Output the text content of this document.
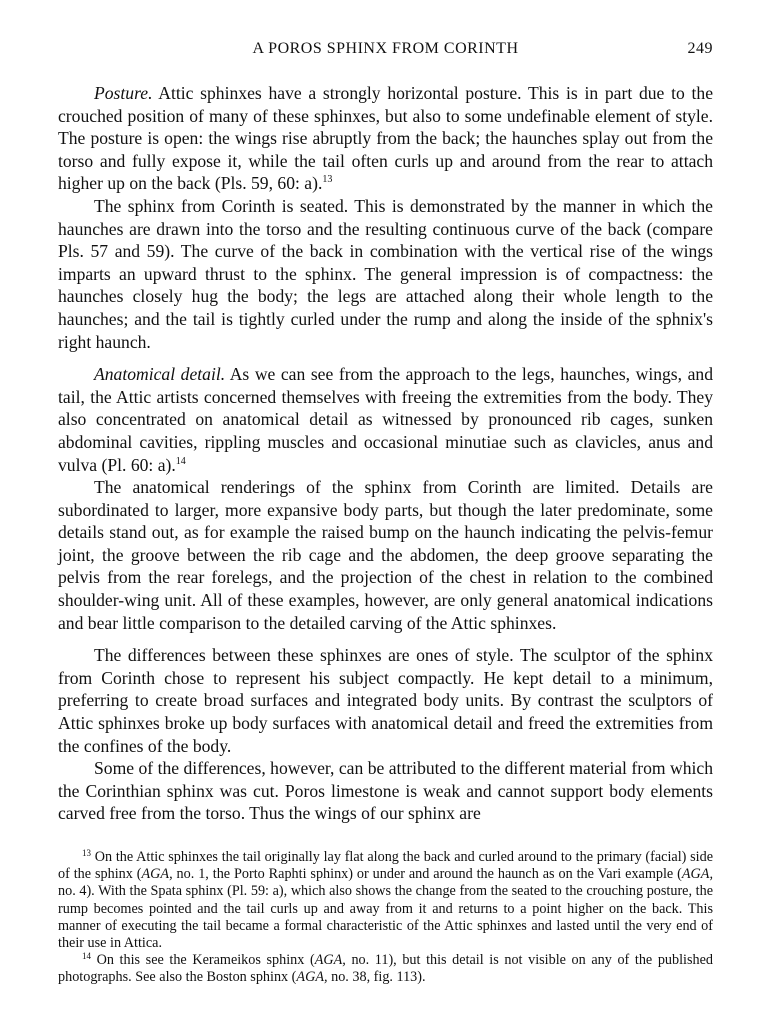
A POROS SPHINX FROM CORINTH	249

Posture. Attic sphinxes have a strongly horizontal posture. This is in part due to the crouched position of many of these sphinxes, but also to some undefinable element of style. The posture is open: the wings rise abruptly from the back; the haunches splay out from the torso and fully expose it, while the tail often curls up and around from the rear to attach higher up on the back (Pls. 59, 60: a).$^{13}$

The sphinx from Corinth is seated. This is demonstrated by the manner in which the haunches are drawn into the torso and the resulting continuous curve of the back (compare Pls. 57 and 59). The curve of the back in combination with the vertical rise of the wings imparts an upward thrust to the sphinx. The general impression is of compactness: the haunches closely hug the body; the legs are attached along their whole length to the haunches; and the tail is tightly curled under the rump and along the inside of the sphnix's right haunch.

Anatomical detail. As we can see from the approach to the legs, haunches, wings, and tail, the Attic artists concerned themselves with freeing the extremities from the body. They also concentrated on anatomical detail as witnessed by pronounced rib cages, sunken abdominal cavities, rippling muscles and occasional minutiae such as clavicles, anus and vulva (Pl. 60: a).$^{14}$

The anatomical renderings of the sphinx from Corinth are limited. Details are subordinated to larger, more expansive body parts, but though the later predominate, some details stand out, as for example the raised bump on the haunch indicating the pelvis-femur joint, the groove between the rib cage and the abdomen, the deep groove separating the pelvis from the rear forelegs, and the projection of the chest in relation to the combined shoulder-wing unit. All of these examples, however, are only general anatomical indications and bear little comparison to the detailed carving of the Attic sphinxes.

The differences between these sphinxes are ones of style. The sculptor of the sphinx from Corinth chose to represent his subject compactly. He kept detail to a minimum, preferring to create broad surfaces and integrated body units. By contrast the sculptors of Attic sphinxes broke up body surfaces with anatomical detail and freed the extremities from the confines of the body.

Some of the differences, however, can be attributed to the different material from which the Corinthian sphinx was cut. Poros limestone is weak and cannot support body elements carved free from the torso. Thus the wings of our sphinx are

$^{13}$ On the Attic sphinxes the tail originally lay flat along the back and curled around to the primary (facial) side of the sphinx (AGA, no. 1, the Porto Raphti sphinx) or under and around the haunch as on the Vari example (AGA, no. 4). With the Spata sphinx (Pl. 59: a), which also shows the change from the seated to the crouching posture, the rump becomes pointed and the tail curls up and away from it and returns to a point higher on the back. This manner of executing the tail became a formal characteristic of the Attic sphinxes and lasted until the very end of their use in Attica.

$^{14}$ On this see the Kerameikos sphinx (AGA, no. 11), but this detail is not visible on any of the published photographs. See also the Boston sphinx (AGA, no. 38, fig. 113).
